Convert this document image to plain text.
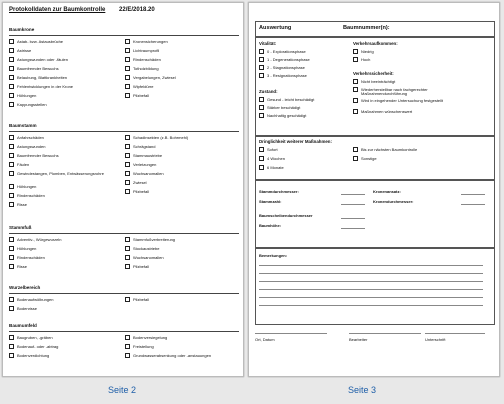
Protokolldaten zur Baumkontrolle 22/E/2018.20
Baumkrone
Astab- bzw. Astausbrüche
Astrisse
Astungswunden oder -fäulen
Baumfremder Bewuchs
Belaubung, Blattkrankheiten
Fehlentwicklungen in der Krone
Höhlungen
Kappungsstellen
Kronensicherungen
Lichtraumprofil
Rindenschäden
Totholzbildung
Vergabelungen, Zwiesel
Wipfeldürre
Pilzbefall
Baumstamm
Anfahrschäden
Astungswunden
Baumfremder Bewuchs
Fäulen
Gewindestangen, Plomben, Entwässerungsrohre
Höhlungen
Rindenschäden
Risse
Schadinsekten (z.B. Bohrmehl)
Schrägstand
Stammaustriebe
Verletzungen
Wuchsanomalien
Zwiesel
Pilzbefall
Stammfuß
Adventiv-, Würgewurzeln
Höhlungen
Rindenschäden
Risse
Stammfußverbreiterung
Stockaustriebe
Wuchsanomalien
Pilzbefall
Wurzelbereich
Bodenaufwölbungen
Bodenrisse
Pilzbefall
Baumumfeld
Baugruben, -gräben
Bodenauf- oder -abtrag
Bodenverdichtung
Bodenversiegelung
Freistellung
Grundwasserabsenkung oder -anstauungen
Auswertung	Baumnummer(n):
Vitalität:
0 - Explorationsphase
1 - Degenerationsphase
2 - Stagnationsphase
3 - Resignationsphase
Verkehrsaufkommen:
Niedrig
Hoch
Verkehrssicherheit:
Nicht beeinträchtigt
Wiederherstellbar nach fachgerechter Maßnahmendurchführung
Wird in eingehender Untersuchung festgestellt
Maßnahmen wünschenswert
Zustand:
Gesund - leicht beschädigt
Stärker beschädigt
Nachhaltig geschädigt
Dringlichkeit weiterer Maßnahmen:
Sofort
4 Wochen
6 Monate
Bis zur nächsten Baumkontrolle
Sonstige
Stammdurchmesser:
Stammzahl:
Kronenansatz:
Kronendurchmesser:
Baumscheibendurchmesser
Baumhöhe:
Bemerkungen:
Ort, Datum	Bearbeiter	Unterschrift
Seite 2	Seite 3
